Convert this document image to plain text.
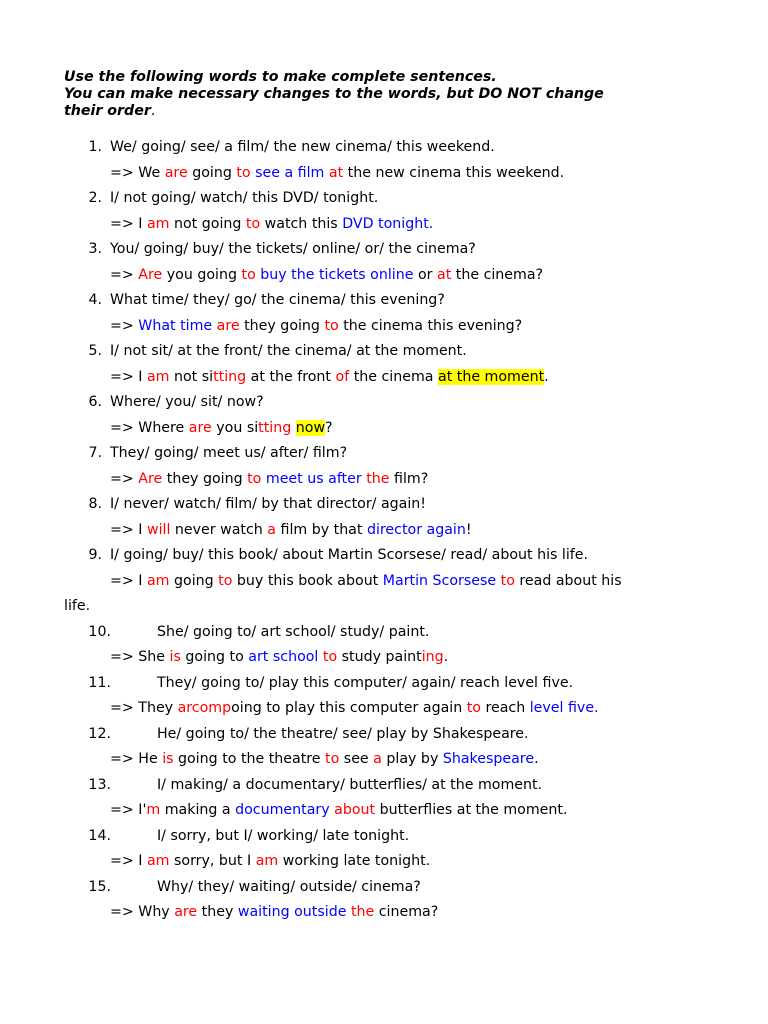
Use the following words to make complete sentences.
You can make necessary changes to the words, but DO NOT change
their order.
1. We/ going/ see/ a film/ the new cinema/ this weekend.
=> We are going to see a film at the new cinema this weekend.
2. I/ not going/ watch/ this DVD/ tonight.
=> I am not going to watch this DVD tonight.
3. You/ going/ buy/ the tickets/ online/ or/ the cinema?
=> Are you going to buy the tickets online or at the cinema?
4. What time/ they/ go/ the cinema/ this evening?
=> What time are they going to the cinema this evening?
5. I/ not sit/ at the front/ the cinema/ at the moment.
=> I am not sitting at the front of the cinema at the moment.
6. Where/ you/ sit/ now?
=> Where are you sitting now?
7. They/ going/ meet us/ after/ film?
=> Are they going to meet us after the film?
8. I/ never/ watch/ film/ by that director/ again!
=> I will never watch a film by that director again!
9. I/ going/ buy/ this book/ about Martin Scorsese/ read/ about his life.
=> I am going to buy this book about Martin Scorsese to read about his
life.
10.	She/ going to/ art school/ study/ paint.
=> She is going to art school to study painting.
11.	They/ going to/ play this computer/ again/ reach level five.
=> They arcompoing to play this computer again to reach level five.
12.	He/ going to/ the theatre/ see/ play by Shakespeare.
=> He is going to the theatre to see a play by Shakespeare.
13.	I/ making/ a documentary/ butterflies/ at the moment.
=> I'm making a documentary about butterflies at the moment.
14.	I/ sorry, but I/ working/ late tonight.
=> I am sorry, but I am working late tonight.
15.	Why/ they/ waiting/ outside/ cinema?
=> Why are they waiting outside the cinema?
